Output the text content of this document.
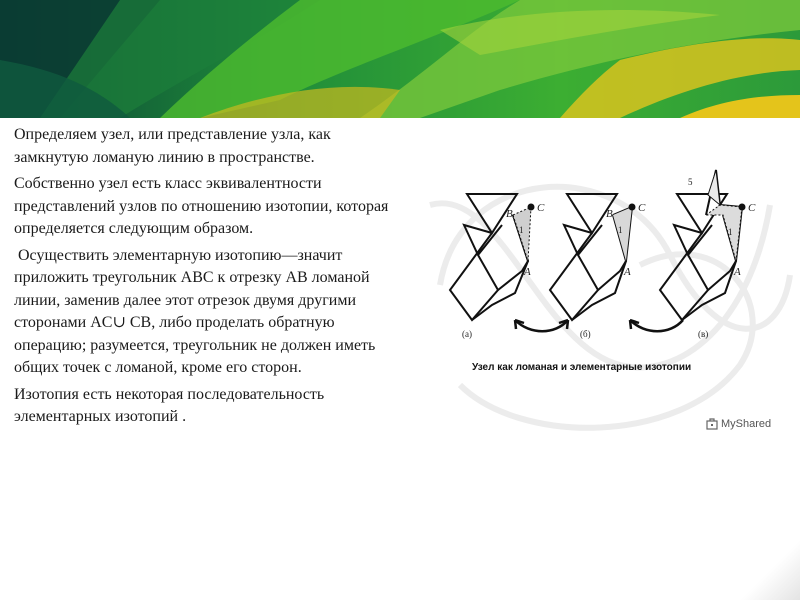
Определяем узел, или представление узла, как замкнутую ломаную линию в пространстве.

Собственно узел есть класс эквивалентности представлений узлов по отношению изотопии, которая определяется следующим образом.

Осуществить элементарную изотопию—значит приложить треугольник ABC к отрезку AB ломаной линии, заменив далее этот отрезок двумя другими сторонами AC∪ CB, либо проделать обратную операцию; разумеется, треугольник не должен иметь общих точек с ломаной, кроме его сторон.

Изотопия есть некоторая последовательность элементарных изотопий .

B C
A
1
B C
A
1
5
C
A
1
(а)	(б)	(в)
Узел как ломаная и элементарные изотопии
MyShared
